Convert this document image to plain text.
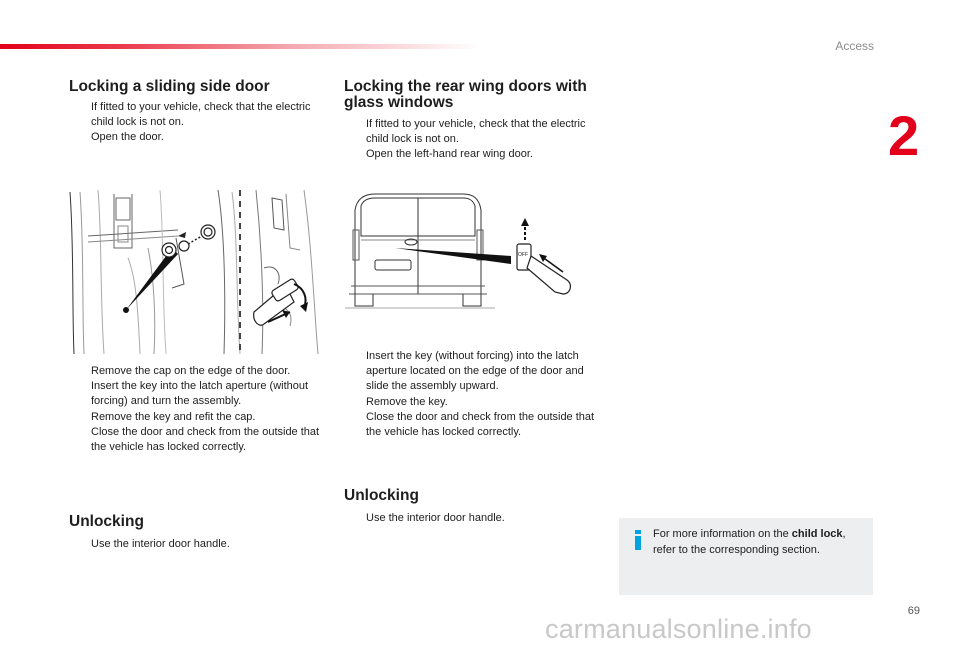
Access
2
Locking a sliding side door
If fitted to your vehicle, check that the electric child lock is not on.
Open the door.
Remove the cap on the edge of the door.
Insert the key into the latch aperture (without forcing) and turn the assembly.
Remove the key and refit the cap.
Close the door and check from the outside that the vehicle has locked correctly.
Unlocking
Use the interior door handle.
Locking the rear wing doors with glass windows
If fitted to your vehicle, check that the electric child lock is not on.
Open the left-hand rear wing door.
OFF
Insert the key (without forcing) into the latch aperture located on the edge of the door and slide the assembly upward.
Remove the key.
Close the door and check from the outside that the vehicle has locked correctly.
Unlocking
Use the interior door handle.
For more information on the child lock, refer to the corresponding section.
69
carmanualsonline.info
